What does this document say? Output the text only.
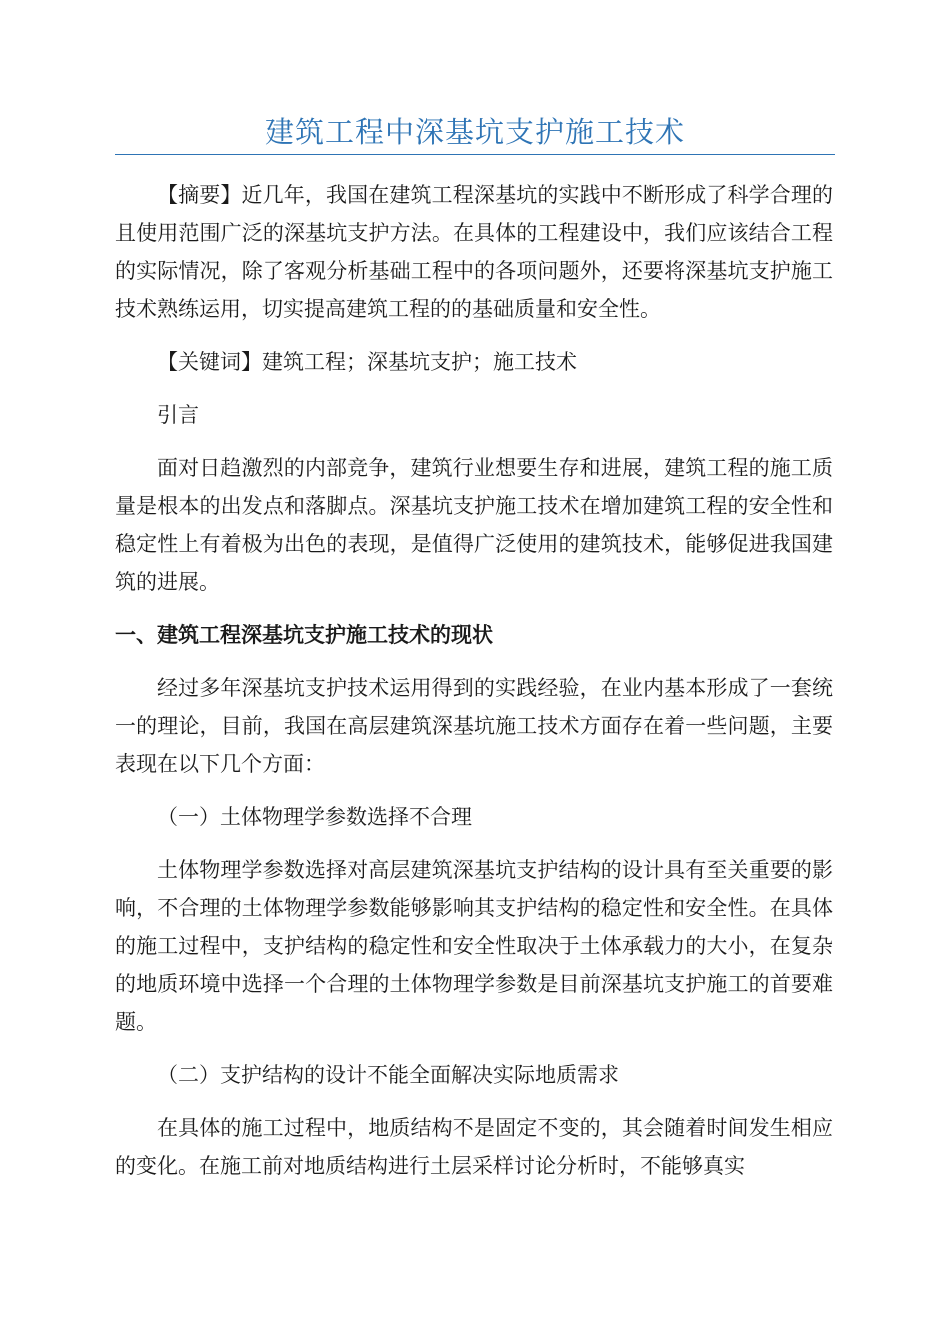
建筑工程中深基坑支护施工技术

【摘要】近几年，我国在建筑工程深基坑的实践中不断形成了科学合理的且使用范围广泛的深基坑支护方法。在具体的工程建设中，我们应该结合工程的实际情况，除了客观分析基础工程中的各项问题外，还要将深基坑支护施工技术熟练运用，切实提高建筑工程的的基础质量和安全性。

【关键词】建筑工程；深基坑支护；施工技术

引言

面对日趋激烈的内部竞争，建筑行业想要生存和进展，建筑工程的施工质量是根本的出发点和落脚点。深基坑支护施工技术在增加建筑工程的安全性和稳定性上有着极为出色的表现，是值得广泛使用的建筑技术，能够促进我国建筑的进展。

一、建筑工程深基坑支护施工技术的现状

经过多年深基坑支护技术运用得到的实践经验，在业内基本形成了一套统一的理论，目前，我国在高层建筑深基坑施工技术方面存在着一些问题，主要表现在以下几个方面：

（一）土体物理学参数选择不合理

土体物理学参数选择对高层建筑深基坑支护结构的设计具有至关重要的影响，不合理的土体物理学参数能够影响其支护结构的稳定性和安全性。在具体的施工过程中，支护结构的稳定性和安全性取决于土体承载力的大小，在复杂的地质环境中选择一个合理的土体物理学参数是目前深基坑支护施工的首要难题。

（二）支护结构的设计不能全面解决实际地质需求

在具体的施工过程中，地质结构不是固定不变的，其会随着时间发生相应的变化。在施工前对地质结构进行土层采样讨论分析时，不能够真实
